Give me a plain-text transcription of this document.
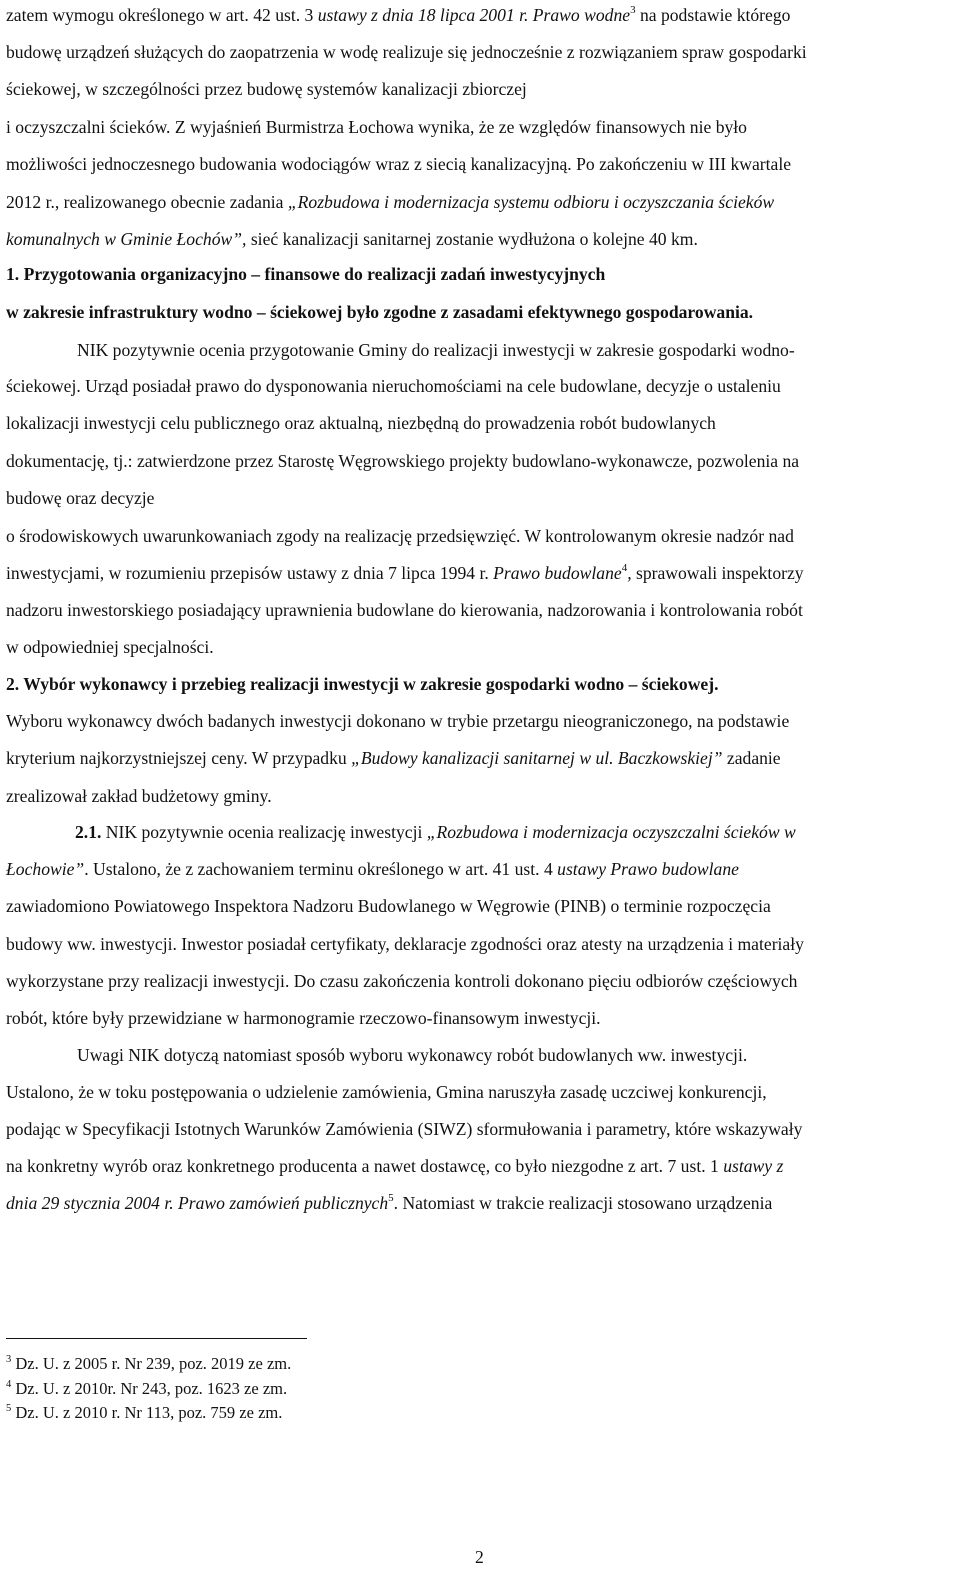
zatem wymogu określonego w art. 42 ust. 3 ustawy z dnia 18 lipca 2001 r. Prawo wodne$^3$ na podstawie którego
budowę urządzeń służących do zaopatrzenia w wodę realizuje się jednocześnie z rozwiązaniem spraw gospodarki
ściekowej, w szczególności przez budowę systemów kanalizacji zbiorczej
i oczyszczalni ścieków. Z wyjaśnień Burmistrza Łochowa wynika, że ze względów finansowych nie było
możliwości jednoczesnego budowania wodociągów wraz z siecią kanalizacyjną. Po zakończeniu w III kwartale
2012 r., realizowanego obecnie zadania „Rozbudowa i modernizacja systemu odbioru i oczyszczania ścieków
komunalnych w Gminie Łochów”, sieć kanalizacji sanitarnej zostanie wydłużona o kolejne 40 km.
1. Przygotowania organizacyjno – finansowe do realizacji zadań inwestycyjnych
w zakresie infrastruktury wodno – ściekowej było zgodne z zasadami efektywnego gospodarowania.
NIK pozytywnie ocenia przygotowanie Gminy do realizacji inwestycji w zakresie gospodarki wodno-
ściekowej. Urząd posiadał prawo do dysponowania nieruchomościami na cele budowlane, decyzje o ustaleniu
lokalizacji inwestycji celu publicznego oraz aktualną, niezbędną do prowadzenia robót budowlanych
dokumentację, tj.: zatwierdzone przez Starostę Węgrowskiego projekty budowlano-wykonawcze, pozwolenia na
budowę oraz decyzje
o środowiskowych uwarunkowaniach zgody na realizację przedsięwzięć. W kontrolowanym okresie nadzór nad
inwestycjami, w rozumieniu przepisów ustawy z dnia 7 lipca 1994 r. Prawo budowlane$^4$, sprawowali inspektorzy
nadzoru inwestorskiego posiadający uprawnienia budowlane do kierowania, nadzorowania i kontrolowania robót
w odpowiedniej specjalności.
2. Wybór wykonawcy i przebieg realizacji inwestycji w zakresie gospodarki wodno – ściekowej.
Wyboru wykonawcy dwóch badanych inwestycji dokonano w trybie przetargu nieograniczonego, na podstawie
kryterium najkorzystniejszej ceny. W przypadku „Budowy kanalizacji sanitarnej w ul. Baczkowskiej” zadanie
zrealizował zakład budżetowy gminy.
2.1. NIK pozytywnie ocenia realizację inwestycji „Rozbudowa i modernizacja oczyszczalni ścieków w
Łochowie”. Ustalono, że z zachowaniem terminu określonego w art. 41 ust. 4 ustawy Prawo budowlane
zawiadomiono Powiatowego Inspektora Nadzoru Budowlanego w Węgrowie (PINB) o terminie rozpoczęcia
budowy ww. inwestycji. Inwestor posiadał certyfikaty, deklaracje zgodności oraz atesty na urządzenia i materiały
wykorzystane przy realizacji inwestycji. Do czasu zakończenia kontroli dokonano pięciu odbiorów częściowych
robót, które były przewidziane w harmonogramie rzeczowo-finansowym inwestycji.
Uwagi NIK dotyczą natomiast sposób wyboru wykonawcy robót budowlanych ww. inwestycji.
Ustalono, że w toku postępowania o udzielenie zamówienia, Gmina naruszyła zasadę uczciwej konkurencji,
podając w Specyfikacji Istotnych Warunków Zamówienia (SIWZ) sformułowania i parametry, które wskazywały
na konkretny wyrób oraz konkretnego producenta a nawet dostawcę, co było niezgodne z art. 7 ust. 1 ustawy z
dnia 29 stycznia 2004 r. Prawo zamówień publicznych$^5$. Natomiast w trakcie realizacji stosowano urządzenia
$^3$ Dz. U. z 2005 r. Nr 239, poz. 2019 ze zm.
$^4$ Dz. U. z 2010r. Nr 243, poz. 1623 ze zm.
$^5$ Dz. U. z 2010 r. Nr 113, poz. 759 ze zm.
2
